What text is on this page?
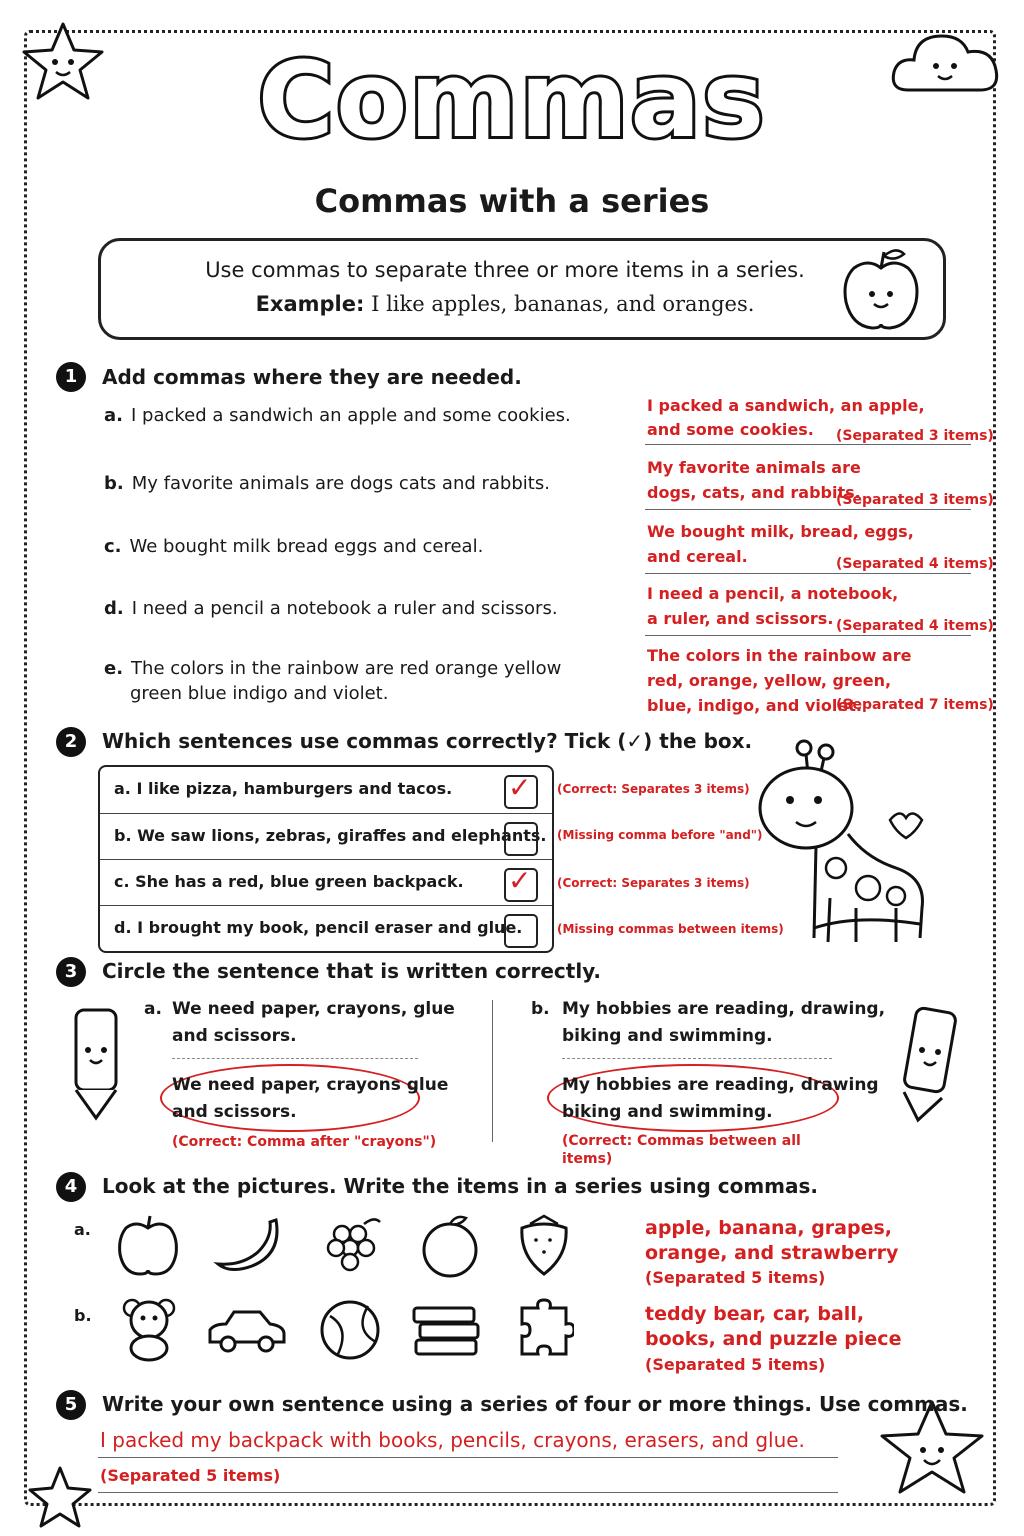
Commas
Commas with a series
Use commas to separate three or more items in a series.
Example: I like apples, bananas, and oranges.
1	Add commas where they are needed.
a. I packed a sandwich an apple and some cookies.	I packed a sandwich, an apple,
and some cookies. (Separated 3 items)
b. My favorite animals are dogs cats and rabbits.
My favorite animals are
dogs, cats, and rabbits.
(Separated 3 items)
c. We bought milk bread eggs and cereal.
We bought milk, bread, eggs,
and cereal.	(Separated 4 items)
d. I need a pencil a notebook a ruler and scissors.
I need a pencil, a notebook,
a ruler, and scissors. (Separated 4 items)
e. The colors in the rainbow are red orange yellow
green blue indigo and violet.
The colors in the rainbow are
red, orange, yellow, green,
blue, indigo, and violet.
(Separated 7 items)
2	Which sentences use commas correctly? Tick (✓) the box.
a. I like pizza, hamburgers and tacos. ✓
b. We saw lions, zebras, giraffes and elephants.
c. She has a red, blue green backpack. ✓
d. I brought my book, pencil eraser and glue.
(Correct: Separates 3 items)
(Missing comma before "and")
(Correct: Separates 3 items)
(Missing commas between items)
3	Circle the sentence that is written correctly.
a. We need paper, crayons, glue
and scissors.
We need paper, crayons glue
and scissors.
(Correct: Comma after "crayons")
b. My hobbies are reading, drawing,
biking and swimming.
My hobbies are reading, drawing
biking and swimming.
(Correct: Commas between all
items)
4	Look at the pictures. Write the items in a series using commas.
a.	apple, banana, grapes,
orange, and strawberry
(Separated 5 items)
b.	teddy bear, car, ball,
books, and puzzle piece
(Separated 5 items)
5	Write your own sentence using a series of four or more things. Use commas.
I packed my backpack with books, pencils, crayons, erasers, and glue.
(Separated 5 items)
